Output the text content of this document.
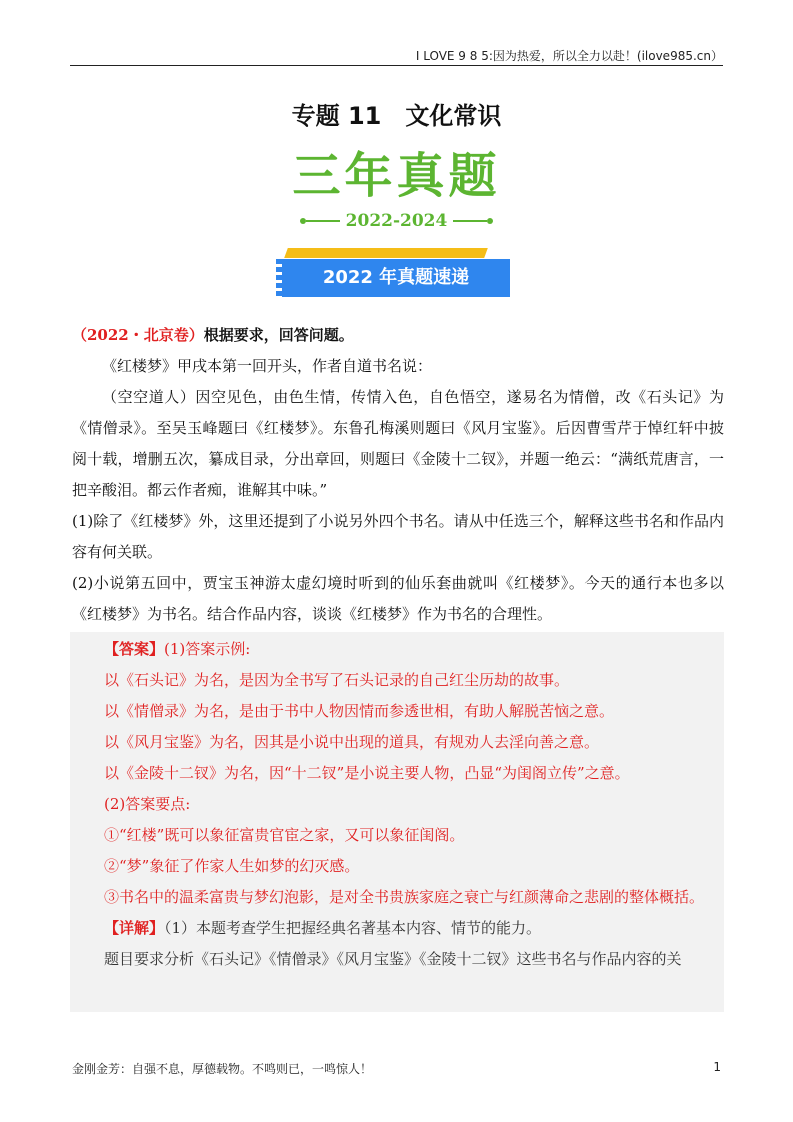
I LOVE 9 8 5:因为热爱，所以全力以赴！(ilove985.cn）
专题 11　文化常识
三年真题
2022-2024
2022 年真题速递
（2022・北京卷）根据要求，回答问题。
《红楼梦》甲戌本第一回开头，作者自道书名说：
（空空道人）因空见色，由色生情，传情入色，自色悟空，遂易名为情僧，改《石头记》为《情僧录》。至吴玉峰题曰《红楼梦》。东鲁孔梅溪则题曰《风月宝鉴》。后因曹雪芹于悼红轩中披阅十载，增删五次，纂成目录，分出章回，则题曰《金陵十二钗》，并题一绝云：“满纸荒唐言，一把辛酸泪。都云作者痴，谁解其中味。”
(1)除了《红楼梦》外，这里还提到了小说另外四个书名。请从中任选三个，解释这些书名和作品内容有何关联。
(2)小说第五回中，贾宝玉神游太虚幻境时听到的仙乐套曲就叫《红楼梦》。今天的通行本也多以《红楼梦》为书名。结合作品内容，谈谈《红楼梦》作为书名的合理性。
【答案】(1)答案示例:
以《石头记》为名，是因为全书写了石头记录的自己红尘历劫的故事。
以《情僧录》为名，是由于书中人物因情而参透世相，有助人解脱苦恼之意。
以《风月宝鉴》为名，因其是小说中出现的道具，有规劝人去淫向善之意。
以《金陵十二钗》为名，因“十二钗”是小说主要人物，凸显“为闺阁立传”之意。
(2)答案要点:
①“红楼”既可以象征富贵官宦之家，又可以象征闺阁。
②“梦”象征了作家人生如梦的幻灭感。
③书名中的温柔富贵与梦幻泡影，是对全书贵族家庭之衰亡与红颜薄命之悲剧的整体概括。
【详解】（1）本题考查学生把握经典名著基本内容、情节的能力。
题目要求分析《石头记》《情僧录》《风月宝鉴》《金陵十二钗》这些书名与作品内容的关
金刚金芳：自强不息，厚德载物。不鸣则已，一鸣惊人！	1
